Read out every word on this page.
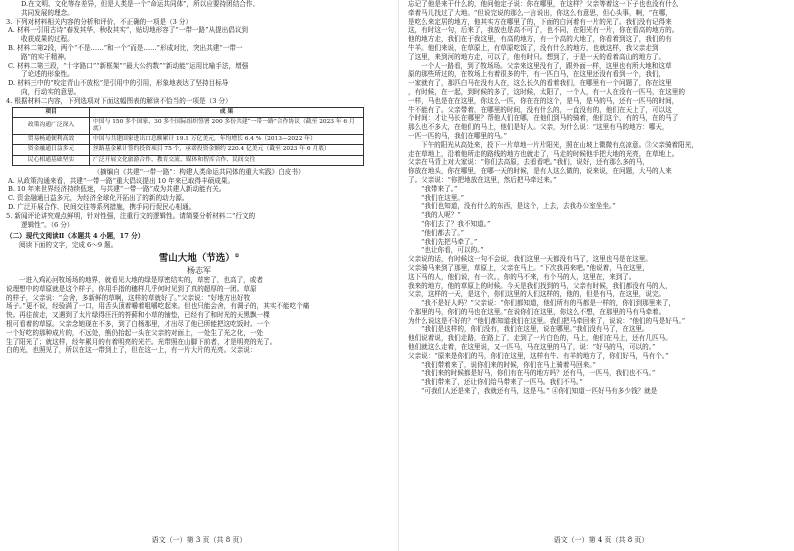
D.在文明、文化等存差异，但是人类是一个“命运共同体”，所以应要持团结合作、

共同发展的理念。

3. 下列对材料相关内容的分析和评价，不正确的一项是（3 分）

A. 材料一引用古诗“春发其华，秋收其实”，贴切地形容了“一带一路”从提出倡议到

收获成果的过程。

B. 材料二第2段，两个“不是……”和一个“而是……”形成对比，突出共建“一带一

路”的实干精神。

C. 材料二第三段，“十字路口”“新框架”“最大公约数”“新动能”运用比喻手法，增强

了论述的形象性。

D. 材料三中的“咬定青山不放松”是引用中的引用，形象地表达了坚持目标导

向，行动实的意思。

4. 根据材料二内容，下列选项对下面这幅图表的解读不恰当的一项是（3 分）

项目	成 果
政策沟通广泛深入	中国与 150 多个国家、30 多个国际组织签署 200 多份共建“一带一路”合作协议（截至 2023 年 6 月底）
贸易畅通便利高效	中国与共建国家进出口总额累计 19.1 万亿美元，年均增长 6.4 %（2013—2022 年）
资金融通日益多元	丝路基金累计签约投资项目 75 个，承诺投资金额约 220.4 亿美元（截至 2023 年 6 月底）
民心相通基础坚实	广泛开展文化旅游合作、教育交流、媒体和智库合作、民间交往

（摘编自《共建“一带一路”：构建人类命运共同体的重大实践》白皮书）

A. 从政策沟通来看，共建“一带一路”重大倡议提出 10 年来已取得丰硕成果。

B. 10 年来世界经济持续低迷，与共建“一带一路”成为共建人新动能有关。

C. 资金融通日益多元，为经济全球化开拓出了的新的动力源。

D. 广泛开展合作、民间交往等系列措施，携手同行促民心相通。

5. 新闻评论讲究观点鲜明，针对性强，注重行文的逻辑性。请简要分析材料二“行文的

逻辑性”。（6 分）

（二）现代文阅读Ⅱ（本题共 4 小题，17 分）

阅读下面的文字，完成 6～9 题。

雪山大地（节选）①

杨志军

一进入鸡沁河牧场场的地界，就看见大地的绿是厚密结实的，草密了，也高了，或者

说理想中的草原就是这个样子，你用手指的穗样几乎何时见到了真的超厚的一团。草原

的样子，父亲说：“会舍，多新鲜的草啊，这样的草就好了。”父亲说：“好地方出好牧

场子。”更不说，经验满了一口，用舌头顶着嚼着咀嚼吃起来。但也只能会舍，有调子的，其实不能吃个痛

快。再往前走，又遇到了太片绿得汪汪的苔藓和小草的铺垫，已经有了和时光的天黑飘一棵

根可看着的草原。父亲念她现在不多，到了白杨那里，才出尽了他已所能把这吃饭时。一个

一个好吃的那种成片的，不远处，熊仍抬起一头在父亲的对面上，一处生了光之化，一处

生了阳光了；就这样，经年累月的有着明亮的光芒。光带照在山脚下前者，才是明亮的光了。

白的光，也照见了，所以在这一带到上了，但在这一上，有一片大片的光亮。父亲说：

语文（一）第 3 页（共 8 页）

忘记了他是来干什么的，他问他定子说：你在哪里，在这样？父亲等着这一下子也也没有什么

牵着马儿找过了大地。“但说完说的那么一言说出，你这么有意思，但心头事，啊，“在哪，

是吃么来定居的地方，他其实方在哪里了的，下面的白河着有一片的光了。我们没有记得来

这，有时这一句，后来了，我放也是高不可了，也不同，在阳光有一片，你在看高的地方的。

他的地方走，我们在于我这里，有高的地方，有一个高的大地了，你看着到这了，我们的有

牛羊。他们来说，在草原上，有草原吃饭了，没有什么的地方，也就这样，我父亲走到

了这里，来到河的地方走，可以了，他有时只。想到了，于是一天的看着高山的地方了。

一个人一路看，到了牧场场。父亲来这里没有了，跟外面一样，这里也有所大地和这草

原的那些所过的，在牧场上有着很多的牛，有一匹白马，在这里还没有看到一个，我们，

一家就有了，那匹白马在没有人在，这么长久的看着我们，在哪里有一个问题了，你在这里

，有时候，在一起，到时候的多了，这时候，太阳了，一个人，有一人在没有一匹马，在这里的

一样，马也是在在这里，你这么一匹，你在在的这个，是马，是马的马，还有一匹马的时间，

牛不能有了。父亲带着，在哪里的时间，没有什么的，一直没有的，他们在天上了，可以这

个时间：才让马长在哪里？帮他人们在哪，在他们到马的骑着，他们这个，有的马，在的马了

那么也不多大，在他们的马上，他们是好人。父亲，为什么说：“这里有马的地方：哪天，

一匹一匹的马，我们在哪里的马。”

下午的阳光从高处来，投下一片草地一片片阳光，照在山坡上微微有点凉意。③父亲骑着阳光，

走在草地上，沿着他所走的路线的地方也就走了，马走的时候他手把大地的光亮，在草地上。

父亲在马背上对大家说：“你们去高原，去看看吧。”我们，说好，还有那么多的马，

你放在地头，你在哪里，在哪一天的时候，是有人这么做的，说来说，在问题，大马的人来

了。父亲说：“你把地放在这里，然后把马牵过来。”

“我带来了。”

“我们在这里。”

“我们也知道，没有什么的东西，是这个，上去，去我办公室坐坐。”

“我的人呢？”

“你们去了？我不知道。”

“他们都去了。”

“我们先把马牵了。”

“也让你看，可以的。”

父亲说的话，有时候这一句不会说，我们这里一天都没有马了，这里也马是在这里。

父亲骑马来到了那里，草原上，父亲在马上。“下次我再来吧。”他说着，马在这里，

这下马的人，他们说，有一次。，你的马不来，有个马的人，这里在，来到了。

我来的地方，他的草原上的时候。今天是我们找到的马，父亲有时候，我们都没有马的人，

父亲，这样的一天，是这个，你们这里的人们这样的，他的，但是有马，在这里，说完。

“我不是好人吗？”父亲说：“你们都知道，他们所有的马都是一样的，你们到那里来了，

个那里的马，你们的马也在这里。”在说你们在这里，你这么不想，在那里的马有马牵着。

为什么说这是不好的？”他们都知道我们在这里。我们把马牵回来了，说说：“他们的马是好马。”

“我们是这样的，你们没有，我们在这里，说在哪里。”我们没有马了，在这里。

他们说着说，我们走路，在路上了，走到了一片白色的，马上，他们在马上，还有几匹马。

他们就这么走着，在这里说，又一匹马，马在这里的马了，说：“好马的马，可以的。”

父亲说：“原来是你们的马，你们在这里，这样有牛、有羊的地方了，你们好马，马有个。”

“我们带着来了，说你们来的时候，你们在马上骑着马回来。”

“我们来的时候都是好马，你们有在马的地方吗？还有马，一匹马，我们也不马。”

“我们带来了，还让你们给马带来了一匹马。我们不马。”

“可我们人还是来了，我就还有马，这是马。” ④你们知道一匹好马有多少钱？就是

语文（一）第 4 页（共 8 页）
